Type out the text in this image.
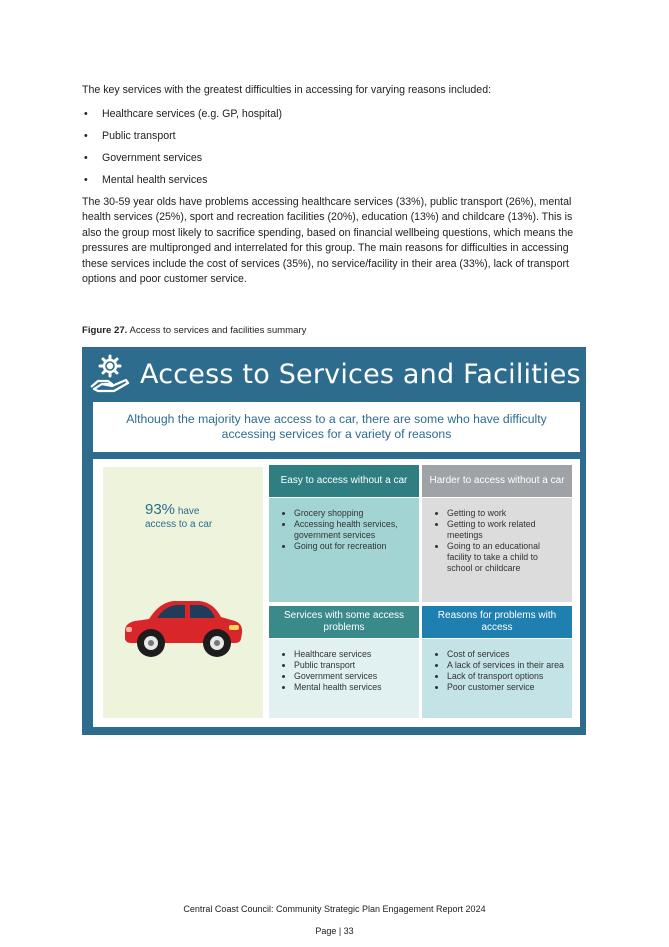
The key services with the greatest difficulties in accessing for varying reasons included:

• Healthcare services (e.g. GP, hospital)
• Public transport
• Government services
• Mental health services

The 30-59 year olds have problems accessing healthcare services (33%), public transport (26%), mental health services (25%), sport and recreation facilities (20%), education (13%) and childcare (13%). This is also the group most likely to sacrifice spending, based on financial wellbeing questions, which means the pressures are multipronged and interrelated for this group. The main reasons for difficulties in accessing these services include the cost of services (35%), no service/facility in their area (33%), lack of transport options and poor customer service.

Figure 27. Access to services and facilities summary
Access to Services and Facilities
Although the majority have access to a car, there are some who have difficulty accessing services for a variety of reasons
93% have
access to a car
Easy to access without a car
• Grocery shopping
• Accessing health services, government services
• Going out for recreation
Harder to access without a car
• Getting to work
• Getting to work related meetings
• Going to an educational facility to take a child to school or childcare
Services with some access problems
• Healthcare services
• Public transport
• Government services
• Mental health services
Reasons for problems with access
• Cost of services
• A lack of services in their area
• Lack of transport options
• Poor customer service
Central Coast Council: Community Strategic Plan Engagement Report 2024
Page | 33
